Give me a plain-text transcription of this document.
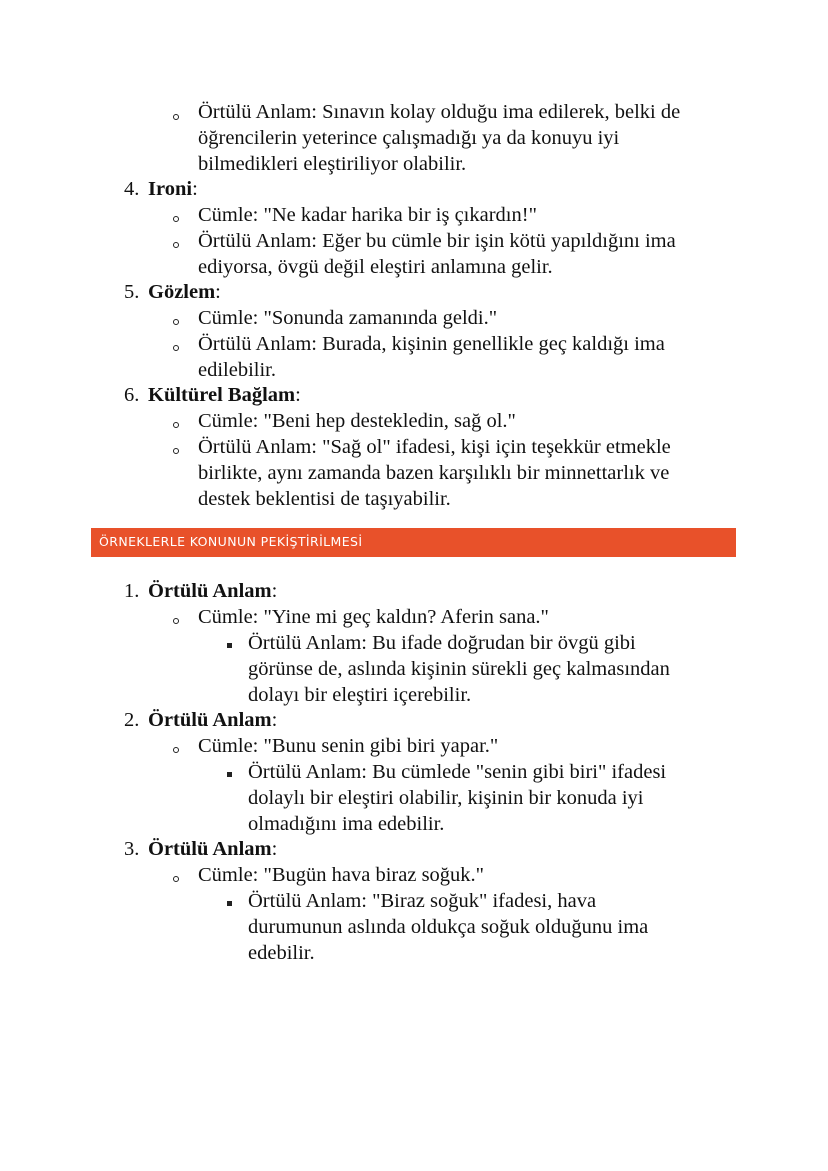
Örtülü Anlam: Sınavın kolay olduğu ima edilerek, belki de
öğrencilerin yeterince çalışmadığı ya da konuyu iyi
bilmedikleri eleştiriliyor olabilir.
4. Ironi:
Cümle: "Ne kadar harika bir iş çıkardın!"
Örtülü Anlam: Eğer bu cümle bir işin kötü yapıldığını ima
ediyorsa, övgü değil eleştiri anlamına gelir.
5. Gözlem:
Cümle: "Sonunda zamanında geldi."
Örtülü Anlam: Burada, kişinin genellikle geç kaldığı ima
edilebilir.
6. Kültürel Bağlam:
Cümle: "Beni hep destekledin, sağ ol."
Örtülü Anlam: "Sağ ol" ifadesi, kişi için teşekkür etmekle
birlikte, aynı zamanda bazen karşılıklı bir minnettarlık ve
destek beklentisi de taşıyabilir.
ÖRNEKLERLE KONUNUN PEKİŞTİRİLMESİ
1. Örtülü Anlam:
Cümle: "Yine mi geç kaldın? Aferin sana."
Örtülü Anlam: Bu ifade doğrudan bir övgü gibi
görünse de, aslında kişinin sürekli geç kalmasından
dolayı bir eleştiri içerebilir.
2. Örtülü Anlam:
Cümle: "Bunu senin gibi biri yapar."
Örtülü Anlam: Bu cümlede "senin gibi biri" ifadesi
dolaylı bir eleştiri olabilir, kişinin bir konuda iyi
olmadığını ima edebilir.
3. Örtülü Anlam:
Cümle: "Bugün hava biraz soğuk."
Örtülü Anlam: "Biraz soğuk" ifadesi, hava
durumunun aslında oldukça soğuk olduğunu ima
edebilir.
